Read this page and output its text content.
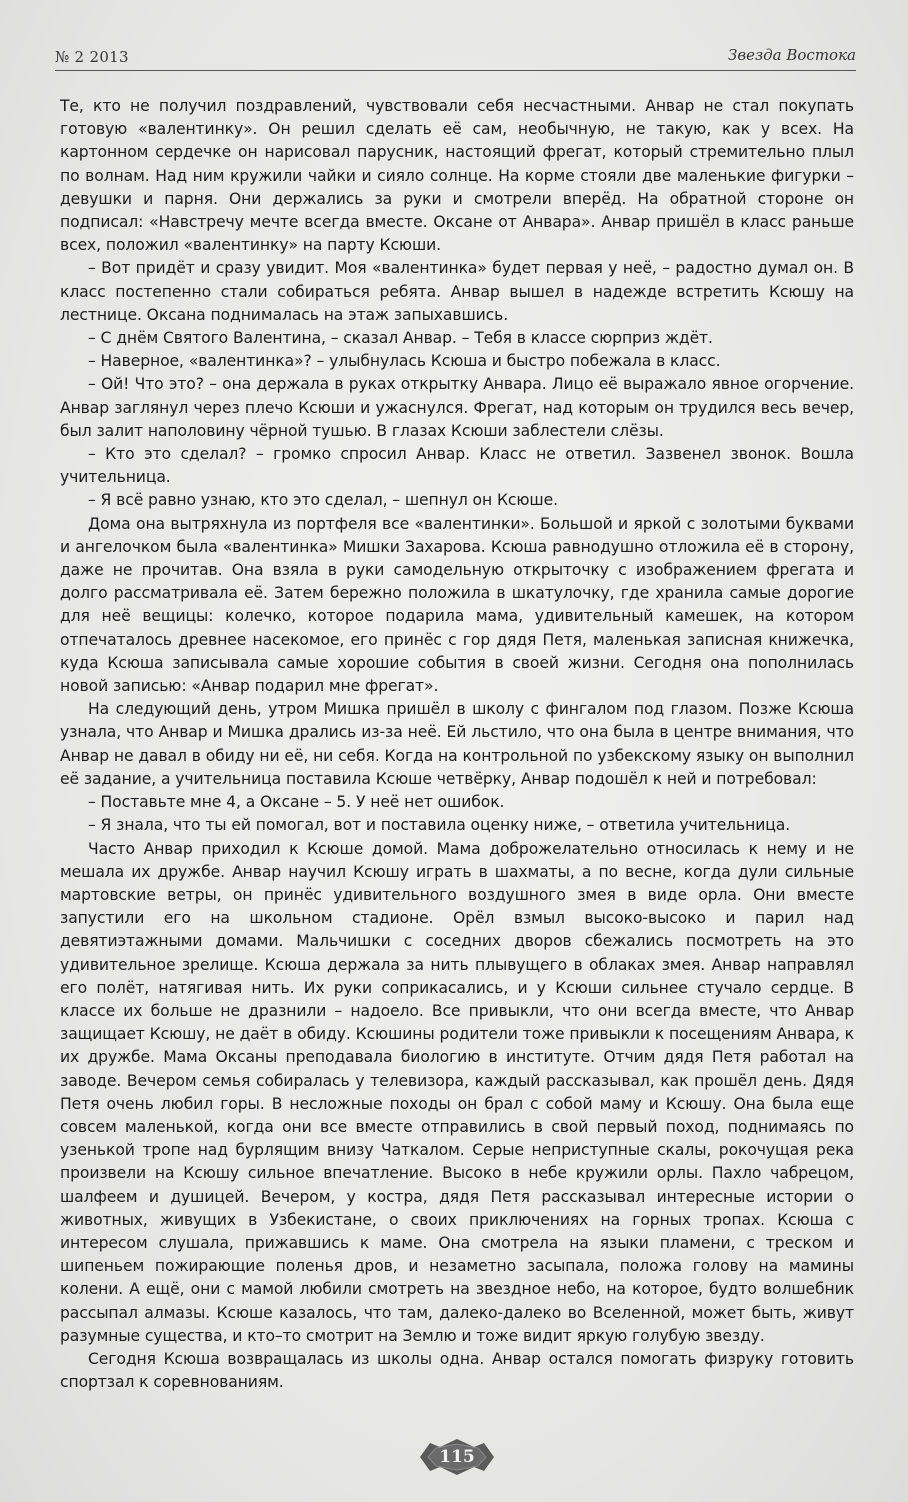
№ 2 2013	Звезда Востока

Те, кто не получил поздравлений, чувствовали себя несчастными. Анвар не стал покупать готовую «валентинку». Он решил сделать её сам, необычную, не такую, как у всех. На картонном сердечке он нарисовал парусник, настоящий фрегат, который стремительно плыл по волнам. Над ним кружили чайки и сияло солнце. На корме стояли две маленькие фигурки – девушки и парня. Они держались за руки и смотрели вперёд. На обратной стороне он подписал: «Навстречу мечте всегда вместе. Оксане от Анвара». Анвар пришёл в класс раньше всех, положил «валентинку» на парту Ксюши.

– Вот придёт и сразу увидит. Моя «валентинка» будет первая у неё, – радостно думал он. В класс постепенно стали собираться ребята. Анвар вышел в надежде встретить Ксюшу на лестнице. Оксана поднималась на этаж запыхавшись.

– С днём Святого Валентина, – сказал Анвар. – Тебя в классе сюрприз ждёт.

– Наверное, «валентинка»? – улыбнулась Ксюша и быстро побежала в класс.

– Ой! Что это? – она держала в руках открытку Анвара. Лицо её выражало явное огорчение. Анвар заглянул через плечо Ксюши и ужаснулся. Фрегат, над которым он трудился весь вечер, был залит наполовину чёрной тушью. В глазах Ксюши заблестели слёзы.

– Кто это сделал? – громко спросил Анвар. Класс не ответил. Зазвенел звонок. Вошла учительница.

– Я всё равно узнаю, кто это сделал, – шепнул он Ксюше.

Дома она вытряхнула из портфеля все «валентинки». Большой и яркой с золотыми буквами и ангелочком была «валентинка» Мишки Захарова. Ксюша равнодушно отложила её в сторону, даже не прочитав. Она взяла в руки самодельную открыточку с изображением фрегата и долго рассматривала её. Затем бережно положила в шкатулочку, где хранила самые дорогие для неё вещицы: колечко, которое подарила мама, удивительный камешек, на котором отпечаталось древнее насекомое, его принёс с гор дядя Петя, маленькая записная книжечка, куда Ксюша записывала самые хорошие события в своей жизни. Сегодня она пополнилась новой записью: «Анвар подарил мне фрегат».

На следующий день, утром Мишка пришёл в школу с фингалом под глазом. Позже Ксюша узнала, что Анвар и Мишка дрались из-за неё. Ей льстило, что она была в центре внимания, что Анвар не давал в обиду ни её, ни себя. Когда на контрольной по узбекскому языку он выполнил её задание, а учительница поставила Ксюше четвёрку, Анвар подошёл к ней и потребовал:

– Поставьте мне 4, а Оксане – 5. У неё нет ошибок.

– Я знала, что ты ей помогал, вот и поставила оценку ниже, – ответила учительница.

Часто Анвар приходил к Ксюше домой. Мама доброжелательно относилась к нему и не мешала их дружбе. Анвар научил Ксюшу играть в шахматы, а по весне, когда дули сильные мартовские ветры, он принёс удивительного воздушного змея в виде орла. Они вместе запустили его на школьном стадионе. Орёл взмыл высоко-высоко и парил над девятиэтажными домами. Мальчишки с соседних дворов сбежались посмотреть на это удивительное зрелище. Ксюша держала за нить плывущего в облаках змея. Анвар направлял его полёт, натягивая нить. Их руки соприкасались, и у Ксюши сильнее стучало сердце. В классе их больше не дразнили – надоело. Все привыкли, что они всегда вместе, что Анвар защищает Ксюшу, не даёт в обиду. Ксюшины родители тоже привыкли к посещениям Анвара, к их дружбе. Мама Оксаны преподавала биологию в институте. Отчим дядя Петя работал на заводе. Вечером семья собиралась у телевизора, каждый рассказывал, как прошёл день. Дядя Петя очень любил горы. В несложные походы он брал с собой маму и Ксюшу. Она была еще совсем маленькой, когда они все вместе отправились в свой первый поход, поднимаясь по узенькой тропе над бурлящим внизу Чаткалом. Серые неприступные скалы, рокочущая река произвели на Ксюшу сильное впечатление. Высоко в небе кружили орлы. Пахло чабрецом, шалфеем и душицей. Вечером, у костра, дядя Петя рассказывал интересные истории о животных, живущих в Узбекистане, о своих приключениях на горных тропах. Ксюша с интересом слушала, прижавшись к маме. Она смотрела на языки пламени, с треском и шипеньем пожирающие поленья дров, и незаметно засыпала, положа голову на мамины колени. А ещё, они с мамой любили смотреть на звездное небо, на которое, будто волшебник рассыпал алмазы. Ксюше казалось, что там, далеко-далеко во Вселенной, может быть, живут разумные существа, и кто–то смотрит на Землю и тоже видит яркую голубую звезду.

Сегодня Ксюша возвращалась из школы одна. Анвар остался помогать физруку готовить спортзал к соревнованиям.

115
